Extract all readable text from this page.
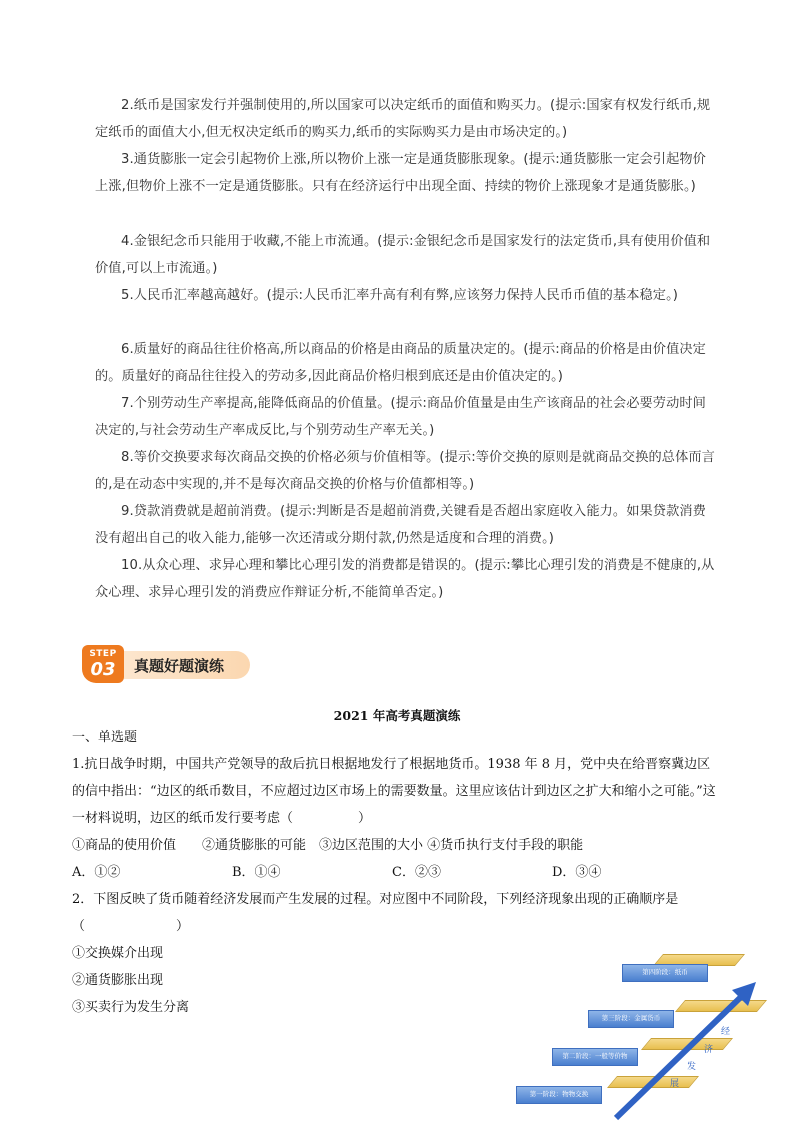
2.纸币是国家发行并强制使用的,所以国家可以决定纸币的面值和购买力。(提示:国家有权发行纸币,规定纸币的面值大小,但无权决定纸币的购买力,纸币的实际购买力是由市场决定的。)
3.通货膨胀一定会引起物价上涨,所以物价上涨一定是通货膨胀现象。(提示:通货膨胀一定会引起物价上涨,但物价上涨不一定是通货膨胀。只有在经济运行中出现全面、持续的物价上涨现象才是通货膨胀。)
4.金银纪念币只能用于收藏,不能上市流通。(提示:金银纪念币是国家发行的法定货币,具有使用价值和价值,可以上市流通。)
5.人民币汇率越高越好。(提示:人民币汇率升高有利有弊,应该努力保持人民币币值的基本稳定。)
6.质量好的商品往往价格高,所以商品的价格是由商品的质量决定的。(提示:商品的价格是由价值决定的。质量好的商品往往投入的劳动多,因此商品价格归根到底还是由价值决定的。)
7.个别劳动生产率提高,能降低商品的价值量。(提示:商品价值量是由生产该商品的社会必要劳动时间决定的,与社会劳动生产率成反比,与个别劳动生产率无关。)
8.等价交换要求每次商品交换的价格必须与价值相等。(提示:等价交换的原则是就商品交换的总体而言的,是在动态中实现的,并不是每次商品交换的价格与价值都相等。)
9.贷款消费就是超前消费。(提示:判断是否是超前消费,关键看是否超出家庭收入能力。如果贷款消费没有超出自己的收入能力,能够一次还清或分期付款,仍然是适度和合理的消费。)
10.从众心理、求异心理和攀比心理引发的消费都是错误的。(提示:攀比心理引发的消费是不健康的,从众心理、求异心理引发的消费应作辩证分析,不能简单否定。)
STEP
03	真题好题演练
2021 年高考真题演练
一、单选题
1.抗日战争时期，中国共产党领导的敌后抗日根据地发行了根据地货币。1938 年 8 月，党中央在给晋察冀边区的信中指出：“边区的纸币数目，不应超过边区市场上的需要数量。这里应该估计到边区之扩大和缩小之可能。”这一材料说明，边区的纸币发行要考虑（　　　　　）
①商品的使用价值　　②通货膨胀的可能　③边区范围的大小 ④货币执行支付手段的职能
A．①②	B．①④	C．②③	D．③④
2．下图反映了货币随着经济发展而产生发展的过程。对应图中不同阶段，下列经济现象出现的正确顺序是（　　　　　　　）
①交换媒介出现
②通货膨胀出现
③买卖行为发生分离
第一阶段：物物交换
第二阶段：一般等价物
第三阶段：金属货币
第四阶段：纸币
经
济
发
展
